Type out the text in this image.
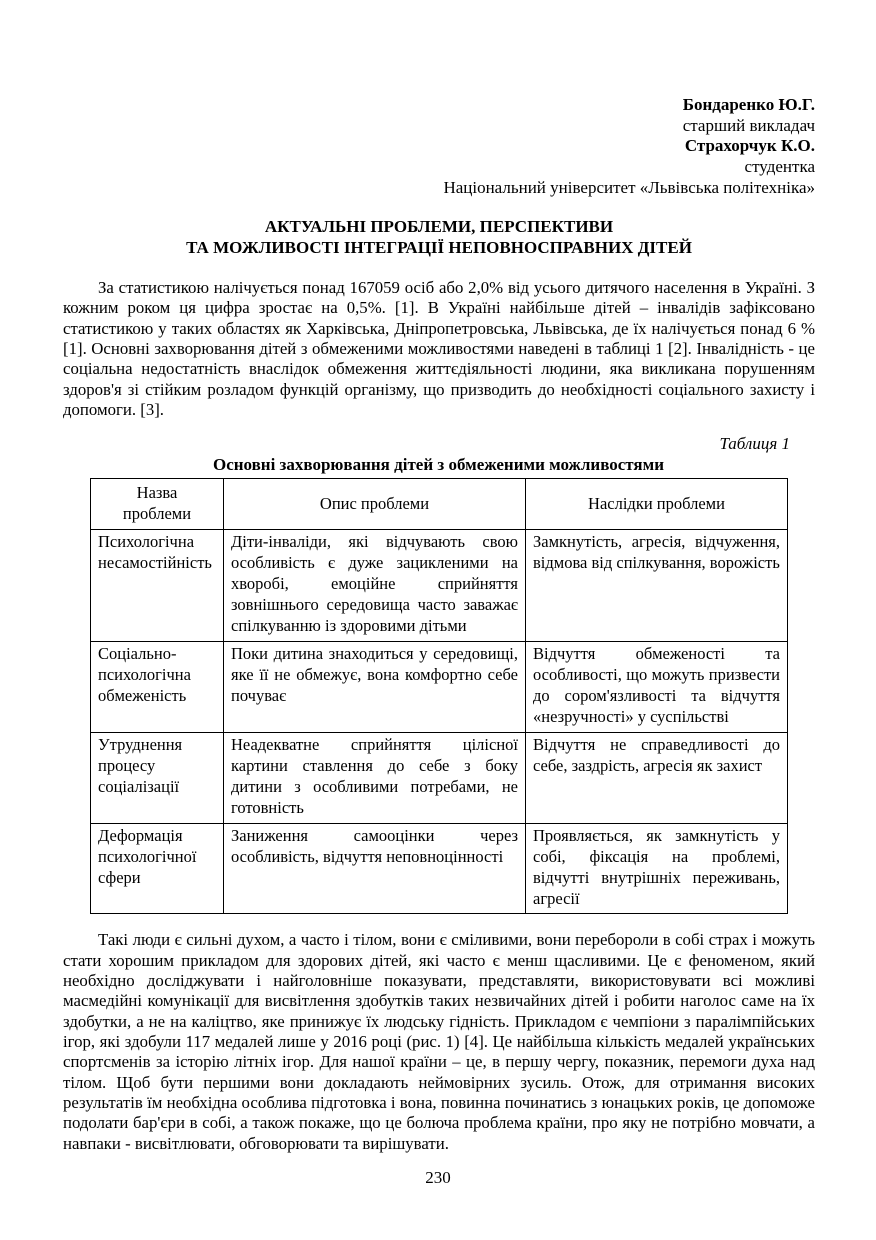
Бондаренко Ю.Г.
старший викладач
Страхорчук К.О.
студентка
Національний університет «Львівська політехніка»
АКТУАЛЬНІ ПРОБЛЕМИ, ПЕРСПЕКТИВИ
ТА МОЖЛИВОСТІ ІНТЕГРАЦІЇ НЕПОВНОСПРАВНИХ ДІТЕЙ

За статистикою налічується понад 167059 осіб або 2,0% від усього дитячого населення в Україні. З кожним роком ця цифра зростає на 0,5%. [1]. В Україні найбільше дітей – інвалідів зафіксовано статистикою у таких областях як Харківська, Дніпропетровська, Львівська, де їх налічується понад 6 % [1]. Основні захворювання дітей з обмеженими можливостями наведені в таблиці 1 [2]. Інвалідність - це соціальна недостатність внаслідок обмеження життєдіяльності людини, яка викликана порушенням здоров'я зі стійким розладом функцій організму, що призводить до необхідності соціального захисту і допомоги. [3].

Таблиця 1
Основні захворювання дітей з обмеженими можливостями
Назва проблеми	Опис проблеми	Наслідки проблеми
Психологічна несамостійність	Діти-інваліди, які відчувають свою особливість є дуже зацикленими на хворобі, емоційне сприйняття зовнішнього середовища часто заважає спілкуванню із здоровими дітьми	Замкнутість, агресія, відчуження, відмова від спілкування, ворожість
Соціально-психологічна обмеженість	Поки дитина знаходиться у середовищі, яке її не обмежує, вона комфортно себе почуває	Відчуття обмеженості та особливості, що можуть призвести до сором'язливості та відчуття «незручності» у суспільстві
Утруднення процесу соціалізації	Неадекватне сприйняття цілісної картини ставлення до себе з боку дитини з особливими потребами, не готовність	Відчуття не справедливості до себе, заздрість, агресія як захист
Деформація психологічної сфери	Заниження самооцінки через особливість, відчуття неповноцінності	Проявляється, як замкнутість у собі, фіксація на проблемі, відчутті внутрішніх переживань, агресії

Такі люди є сильні духом, а часто і тілом, вони є сміливими, вони перебороли в собі страх і можуть стати хорошим прикладом для здорових дітей, які часто є менш щасливими. Це є феноменом, який необхідно досліджувати і найголовніше показувати, представляти, використовувати всі можливі масмедійні комунікації для висвітлення здобутків таких незвичайних дітей і робити наголос саме на їх здобутки, а не на каліцтво, яке принижує їх людську гідність. Прикладом є чемпіони з паралімпійських ігор, які здобули 117 медалей лише у 2016 році (рис. 1) [4]. Це найбільша кількість медалей українських спортсменів за історію літніх ігор. Для нашої країни – це, в першу чергу, показник, перемоги духа над тілом. Щоб бути першими вони докладають неймовірних зусиль. Отож, для отримання високих результатів їм необхідна особлива підготовка і вона, повинна починатись з юнацьких років, це допоможе подолати бар'єри в собі, а також покаже, що це болюча проблема країни, про яку не потрібно мовчати, а навпаки - висвітлювати, обговорювати та вирішувати.

230
